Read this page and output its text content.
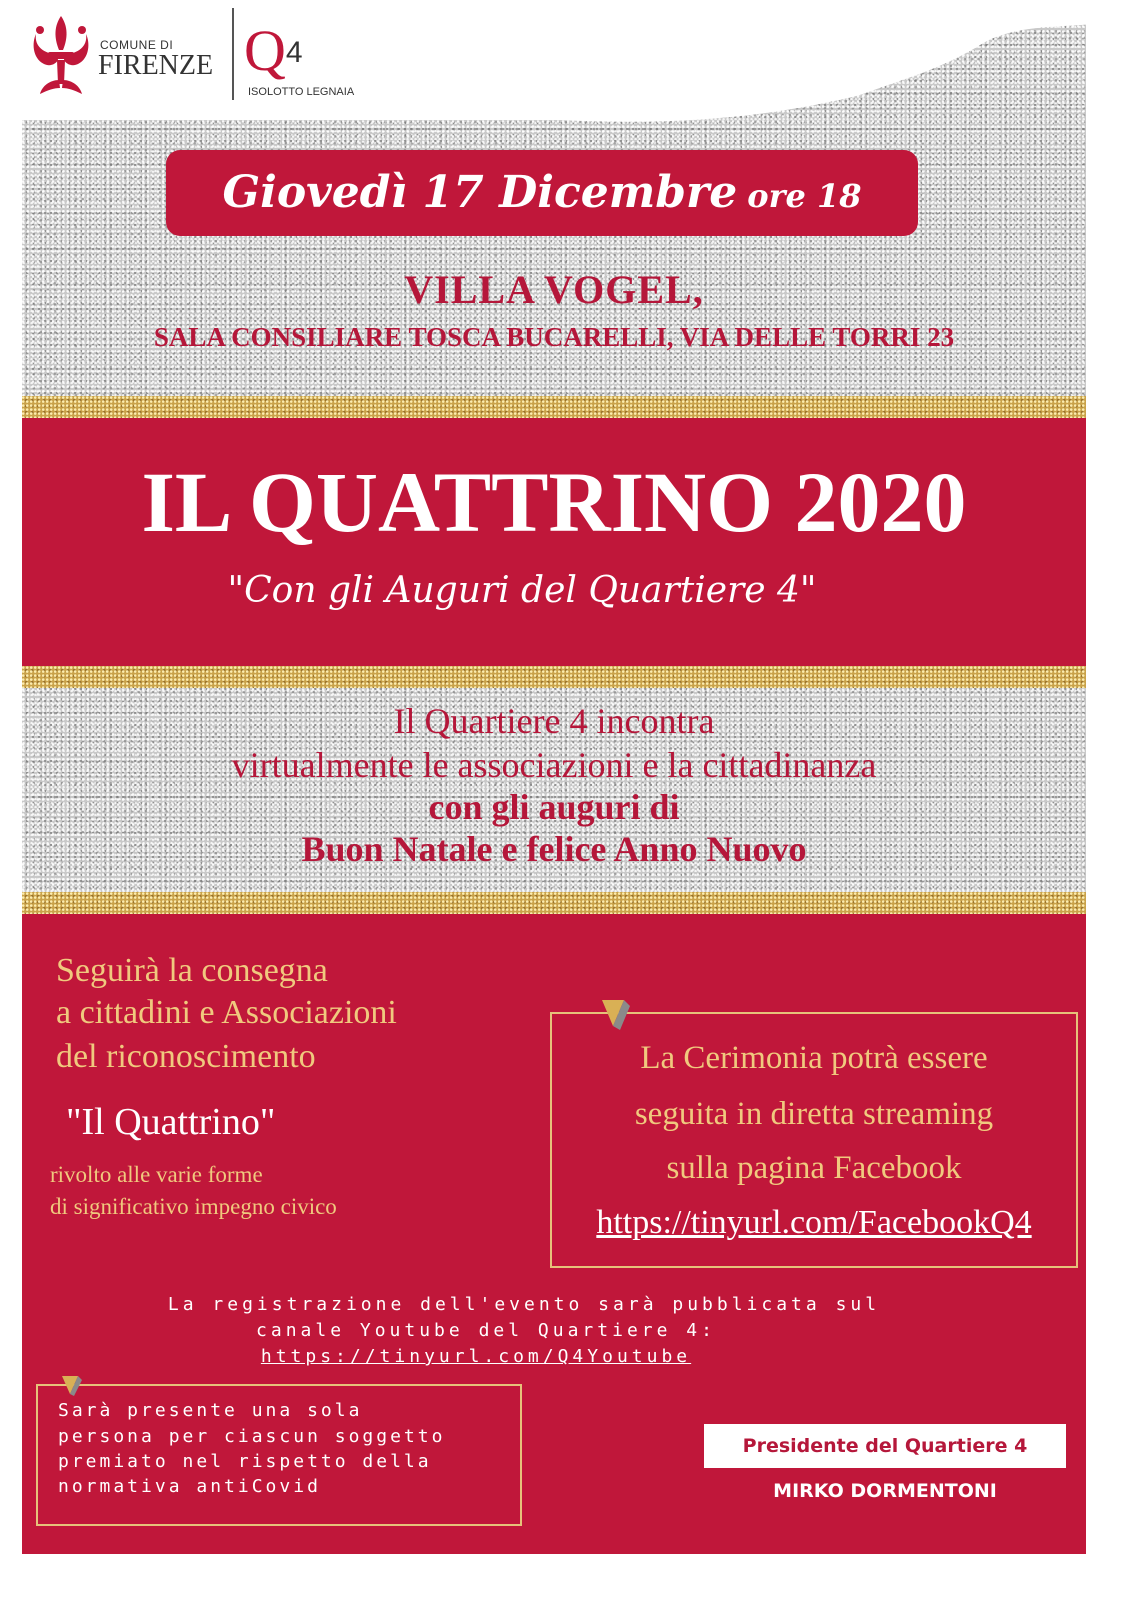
COMUNE DI
FIRENZE Q4
ISOLOTTO LEGNAIA
Giovedì 17 Dicembre ore 18
VILLA VOGEL,
SALA CONSILIARE TOSCA BUCARELLI, VIA DELLE TORRI 23
IL QUATTRINO 2020
"Con gli Auguri del Quartiere 4"
Il Quartiere 4 incontra
virtualmente le associazioni e la cittadinanza
con gli auguri di
Buon Natale e felice Anno Nuovo
Seguirà la consegna
a cittadini e Associazioni
del riconoscimento
"Il Quattrino"
rivolto alle varie forme
di significativo impegno civico
La Cerimonia potrà essere
seguita in diretta streaming
sulla pagina Facebook
https://tinyurl.com/FacebookQ4
La registrazione dell'evento sarà pubblicata sul
canale Youtube del Quartiere 4:
https://tinyurl.com/Q4Youtube
Sarà presente una sola
persona per ciascun soggetto
premiato nel rispetto della
normativa antiCovid
Presidente del Quartiere 4
MIRKO DORMENTONI
